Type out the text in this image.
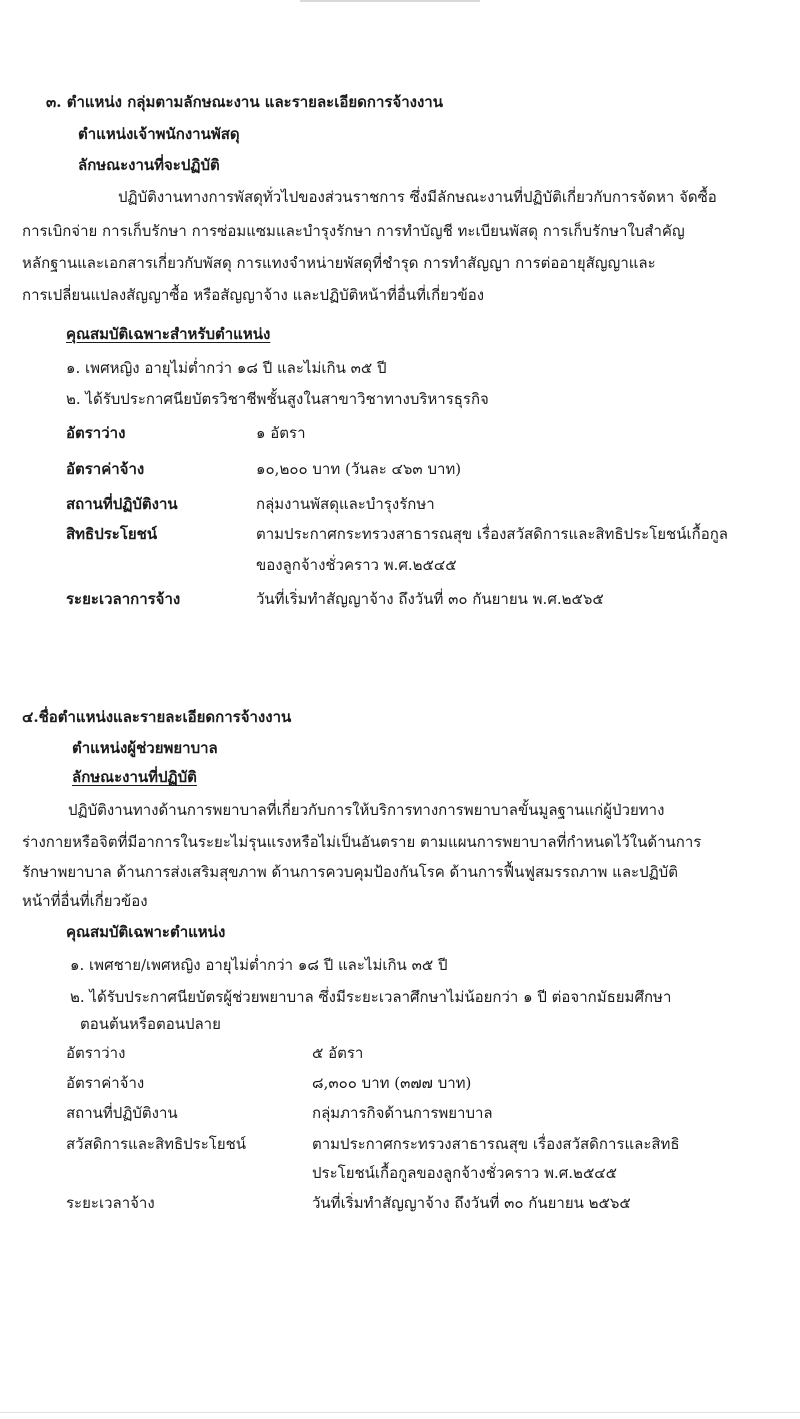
๓. ตำแหน่ง กลุ่มตามลักษณะงาน และรายละเอียดการจ้างงาน
ตำแหน่งเจ้าพนักงานพัสดุ
ลักษณะงานที่จะปฏิบัติ
ปฏิบัติงานทางการพัสดุทั่วไปของส่วนราชการ ซึ่งมีลักษณะงานที่ปฏิบัติเกี่ยวกับการจัดหา จัดซื้อ
การเบิกจ่าย การเก็บรักษา การซ่อมแซมและบำรุงรักษา การทำบัญชี ทะเบียนพัสดุ การเก็บรักษาใบสำคัญ
หลักฐานและเอกสารเกี่ยวกับพัสดุ การแทงจำหน่ายพัสดุที่ชำรุด การทำสัญญา การต่ออายุสัญญาและ
การเปลี่ยนแปลงสัญญาซื้อ หรือสัญญาจ้าง และปฏิบัติหน้าที่อื่นที่เกี่ยวข้อง
คุณสมบัติเฉพาะสำหรับตำแหน่ง
๑. เพศหญิง อายุไม่ต่ำกว่า ๑๘ ปี และไม่เกิน ๓๕ ปี
๒. ได้รับประกาศนียบัตรวิชาชีพชั้นสูงในสาขาวิชาทางบริหารธุรกิจ
อัตราว่าง	๑ อัตรา
อัตราค่าจ้าง	๑๐,๒๐๐ บาท (วันละ ๔๖๓ บาท)
สถานที่ปฏิบัติงาน	กลุ่มงานพัสดุและบำรุงรักษา
สิทธิประโยชน์	ตามประกาศกระทรวงสาธารณสุข เรื่องสวัสดิการและสิทธิประโยชน์เกื้อกูล
ของลูกจ้างชั่วคราว พ.ศ.๒๕๔๕
ระยะเวลาการจ้าง	วันที่เริ่มทำสัญญาจ้าง ถึงวันที่ ๓๐ กันยายน พ.ศ.๒๕๖๕
๔.ชื่อตำแหน่งและรายละเอียดการจ้างงาน
ตำแหน่งผู้ช่วยพยาบาล
ลักษณะงานที่ปฏิบัติ
ปฏิบัติงานทางด้านการพยาบาลที่เกี่ยวกับการให้บริการทางการพยาบาลขั้นมูลฐานแก่ผู้ป่วยทาง
ร่างกายหรือจิตที่มีอาการในระยะไม่รุนแรงหรือไม่เป็นอันตราย ตามแผนการพยาบาลที่กำหนดไว้ในด้านการ
รักษาพยาบาล ด้านการส่งเสริมสุขภาพ ด้านการควบคุมป้องกันโรค ด้านการฟื้นฟูสมรรถภาพ และปฏิบัติ
หน้าที่อื่นที่เกี่ยวข้อง
คุณสมบัติเฉพาะตำแหน่ง
๑. เพศชาย/เพศหญิง อายุไม่ต่ำกว่า ๑๘ ปี และไม่เกิน ๓๕ ปี
๒. ได้รับประกาศนียบัตรผู้ช่วยพยาบาล ซึ่งมีระยะเวลาศึกษาไม่น้อยกว่า ๑ ปี ต่อจากมัธยมศึกษา
ตอนต้นหรือตอนปลาย
อัตราว่าง	๕ อัตรา
อัตราค่าจ้าง	๘,๓๐๐ บาท (๓๗๗ บาท)
สถานที่ปฏิบัติงาน	กลุ่มภารกิจด้านการพยาบาล
สวัสดิการและสิทธิประโยชน์	ตามประกาศกระทรวงสาธารณสุข เรื่องสวัสดิการและสิทธิ
ประโยชน์เกื้อกูลของลูกจ้างชั่วคราว พ.ศ.๒๕๔๕
ระยะเวลาจ้าง	วันที่เริ่มทำสัญญาจ้าง ถึงวันที่ ๓๐ กันยายน ๒๕๖๕
